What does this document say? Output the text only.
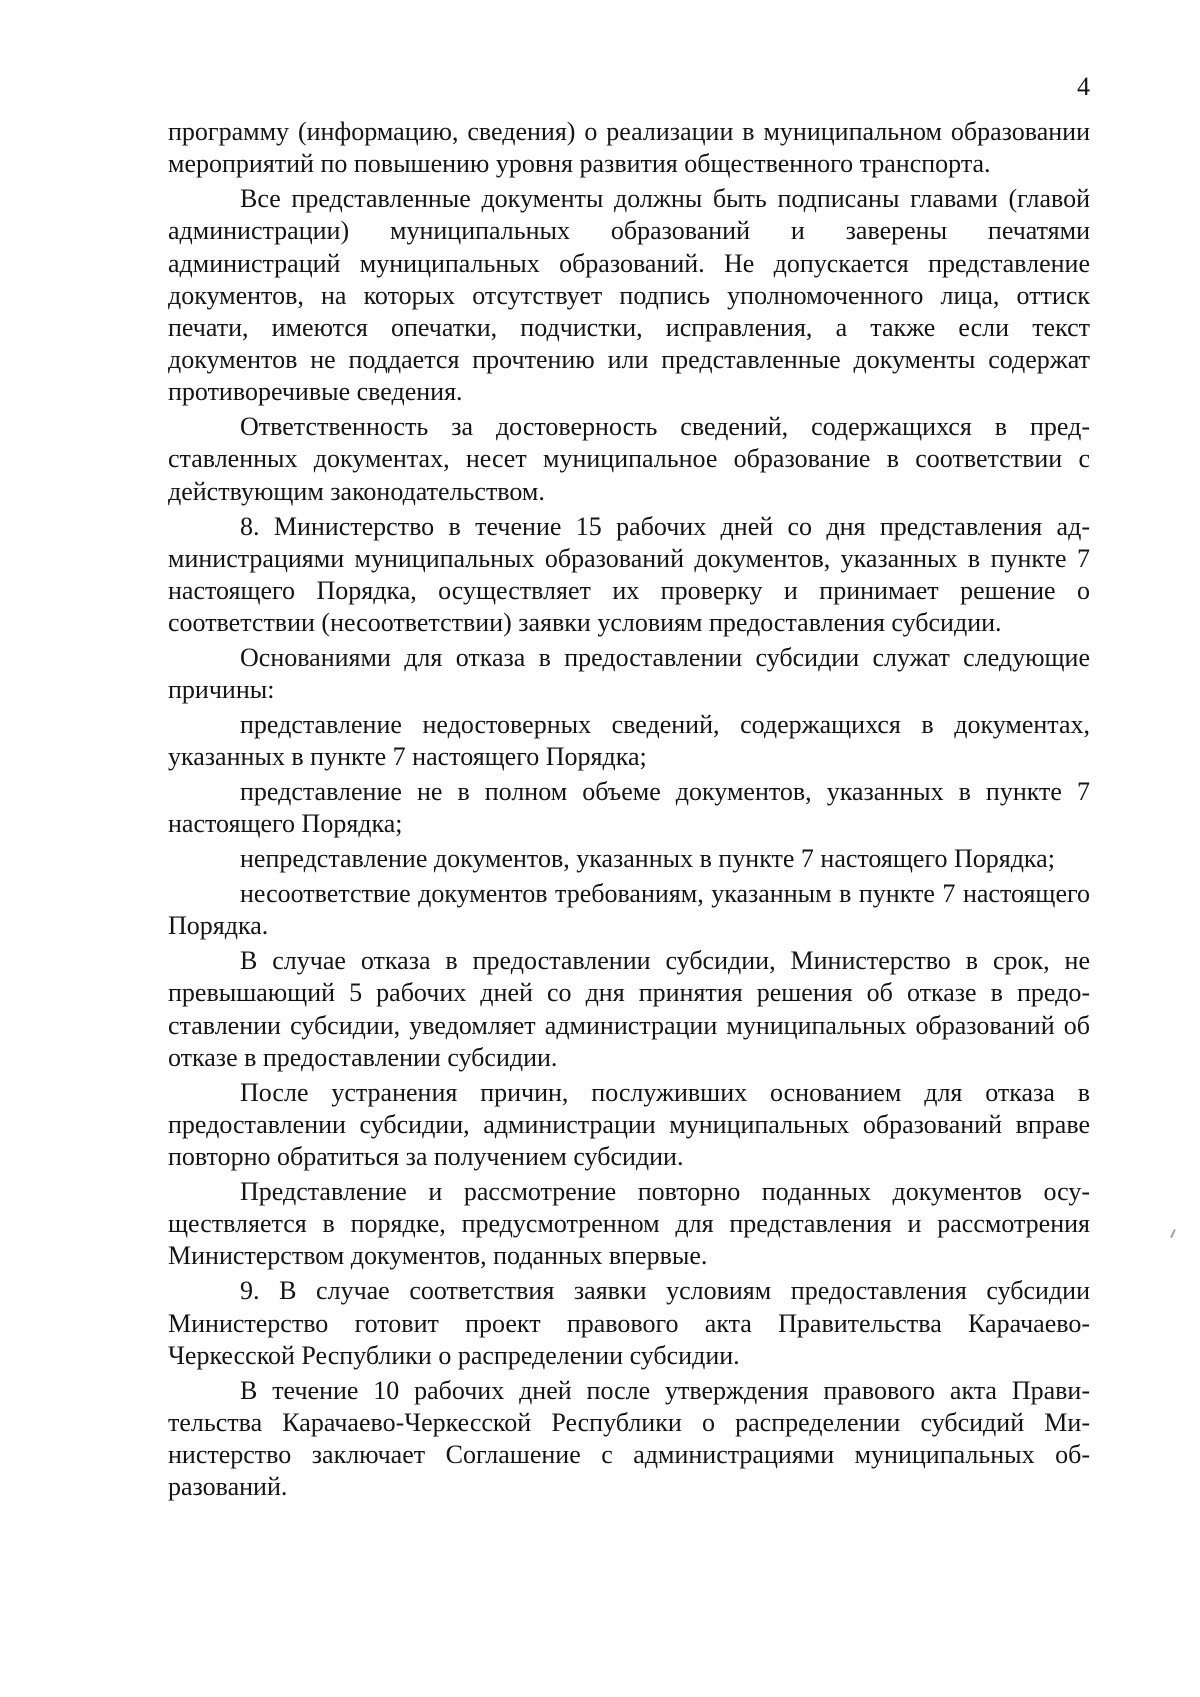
4

программу (информацию, сведения) о реализации в муниципальном образовании мероприятий по повышению уровня развития общественного транспорта.

Все представленные документы должны быть подписаны главами (главой администрации) муниципальных образований и заверены печатями администраций муниципальных образований. Не допускается представление документов, на которых отсутствует подпись уполномоченного лица, оттиск печати, имеются опечатки, подчистки, исправления, а также если текст документов не поддается прочтению или представленные документы содержат противоречивые сведения.

Ответственность за достоверность сведений, содержащихся в представленных документах, несет муниципальное образование в соответствии с действующим законодательством.

8. Министерство в течение 15 рабочих дней со дня представления администрациями муниципальных образований документов, указанных в пункте 7 настоящего Порядка, осуществляет их проверку и принимает решение о соответствии (несоответствии) заявки условиям предоставления субсидии.

Основаниями для отказа в предоставлении субсидии служат следующие причины:

представление недостоверных сведений, содержащихся в документах, указанных в пункте 7 настоящего Порядка;

представление не в полном объеме документов, указанных в пункте 7 настоящего Порядка;

непредставление документов, указанных в пункте 7 настоящего Порядка;

несоответствие документов требованиям, указанным в пункте 7 настоящего Порядка.

В случае отказа в предоставлении субсидии, Министерство в срок, не превышающий 5 рабочих дней со дня принятия решения об отказе в предоставлении субсидии, уведомляет администрации муниципальных образований об отказе в предоставлении субсидии.

После устранения причин, послуживших основанием для отказа в предоставлении субсидии, администрации муниципальных образований вправе повторно обратиться за получением субсидии.

Представление и рассмотрение повторно поданных документов осуществляется в порядке, предусмотренном для представления и рассмотрения Министерством документов, поданных впервые.

9. В случае соответствия заявки условиям предоставления субсидии Министерство готовит проект правового акта Правительства Карачаево-Черкесской Республики о распределении субсидии.

В течение 10 рабочих дней после утверждения правового акта Правительства Карачаево-Черкесской Республики о распределении субсидий Министерство заключает Соглашение с администрациями муниципальных образований.
